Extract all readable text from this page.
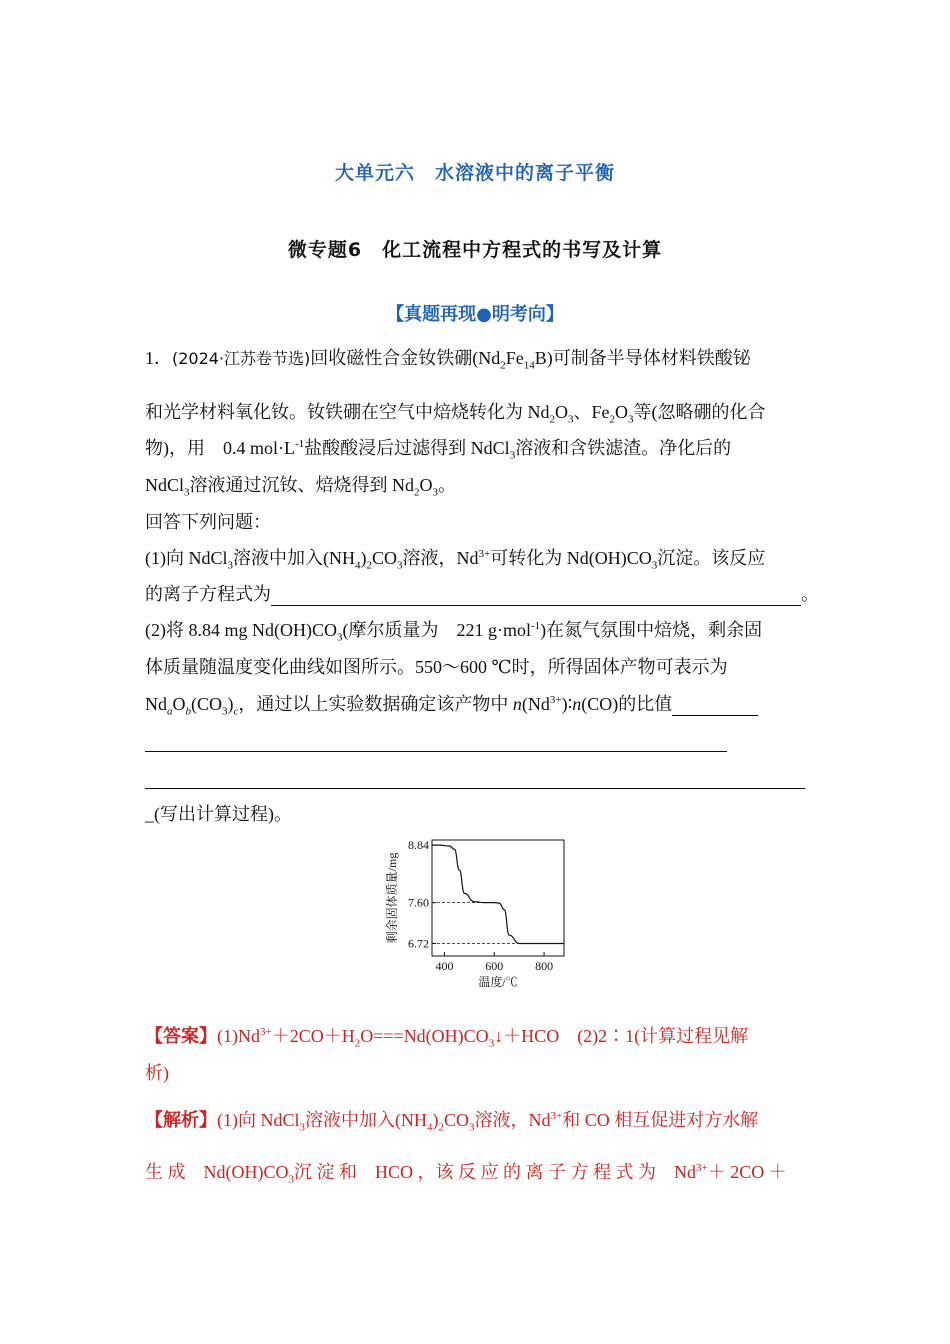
大单元六　水溶液中的离子平衡
微专题6　化工流程中方程式的书写及计算
【真题再现●明考向】
1．(2024·江苏卷节选)回收磁性合金钕铁硼$(Nd_2Fe_{14}B)$可制备半导体材料铁酸铋
和光学材料氧化钕。钕铁硼在空气中焙烧转化为 $Nd_2O_3$、$Fe_2O_3$等(忽略硼的化合
物)，用　0.4 $mol\cdot L^{-1}$盐酸酸浸后过滤得到 NdCl$_3$溶液和含铁滤渣。净化后的
NdCl$_3$溶液通过沉钕、焙烧得到 $Nd_2O_3$。
回答下列问题：
(1)向 NdCl$_3$溶液中加入$(NH_4)_2CO_3$溶液，$Nd^{3+}$可转化为 $Nd(OH)CO_3$沉淀。该反应
的离子方程式为	。
(2)将 8.84 mg $Nd(OH)CO_3$(摩尔质量为　221 g·mol$^{-1}$)在氮气氛围中焙烧，剩余固
体质量随温度变化曲线如图所示。550～600 ℃时，所得固体产物可表示为
$Nd_aO_b(CO_3)_c$，通过以上实验数据确定该产物中 $n(Nd^{3+})∶n(CO)$的比值
_(写出计算过程)。
8.84
7.60
6.72
400	600	800
温度/℃
剩余固体质量/mg
【答案】$(1)Nd^{3+}+2CO+H_2O===Nd(OH)CO_3↓+HCO$　(2)2∶1(计算过程见解
析)
【解析】(1)向 NdCl$_3$溶液中加入$(NH_4)_2CO_3$溶液，$Nd^{3+}$和 CO 相互促进对方水解
生 成　$Nd(OH)CO_3$沉 淀 和　HCO ，该 反 应 的 离 子 方 程 式 为　$Nd^{3+}+ 2CO$ ＋
